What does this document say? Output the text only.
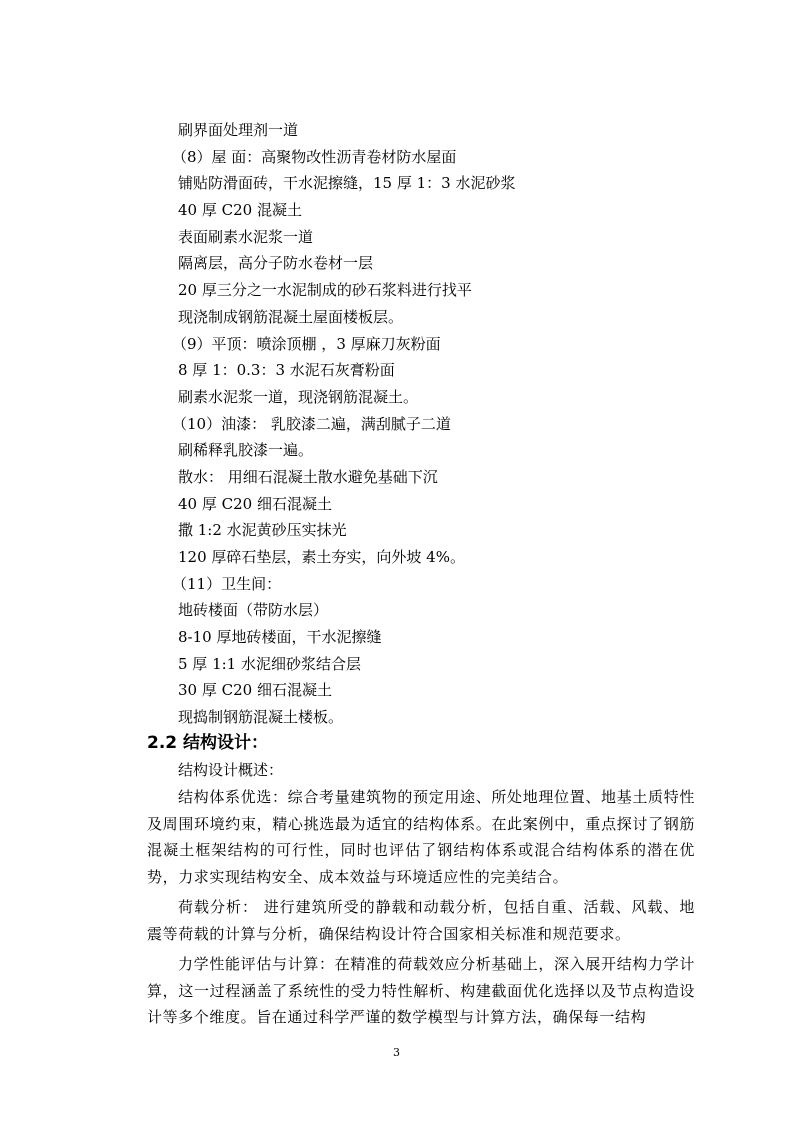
刷界面处理剂一道
（8）屋 面：高聚物改性沥青卷材防水屋面
铺贴防滑面砖，干水泥擦缝，15 厚 1：3 水泥砂浆
40 厚 C20 混凝土
表面刷素水泥浆一道
隔离层，高分子防水卷材一层
20 厚三分之一水泥制成的砂石浆料进行找平
现浇制成钢筋混凝土屋面楼板层。
（9）平顶：喷涂顶棚 ，3 厚麻刀灰粉面
8 厚 1：0.3：3 水泥石灰膏粉面
刷素水泥浆一道，现浇钢筋混凝土。
（10）油漆： 乳胶漆二遍，满刮腻子二道
刷稀释乳胶漆一遍。
散水： 用细石混凝土散水避免基础下沉
40 厚 C20 细石混凝土
撒 1:2 水泥黄砂压实抹光
120 厚碎石垫层，素土夯实，向外坡 4%。
（11）卫生间：
地砖楼面（带防水层）
8-10 厚地砖楼面，干水泥擦缝
5 厚 1:1 水泥细砂浆结合层
30 厚 C20 细石混凝土
现捣制钢筋混凝土楼板。
2.2 结构设计：
结构设计概述：

结构体系优选：综合考量建筑物的预定用途、所处地理位置、地基土质特性及周围环境约束，精心挑选最为适宜的结构体系。在此案例中，重点探讨了钢筋混凝土框架结构的可行性，同时也评估了钢结构体系或混合结构体系的潜在优势，力求实现结构安全、成本效益与环境适应性的完美结合。

荷载分析： 进行建筑所受的静载和动载分析，包括自重、活载、风载、地震等荷载的计算与分析，确保结构设计符合国家相关标准和规范要求。

力学性能评估与计算：在精准的荷载效应分析基础上，深入展开结构力学计算，这一过程涵盖了系统性的受力特性解析、构建截面优化选择以及节点构造设计等多个维度。旨在通过科学严谨的数学模型与计算方法，确保每一结构

3
